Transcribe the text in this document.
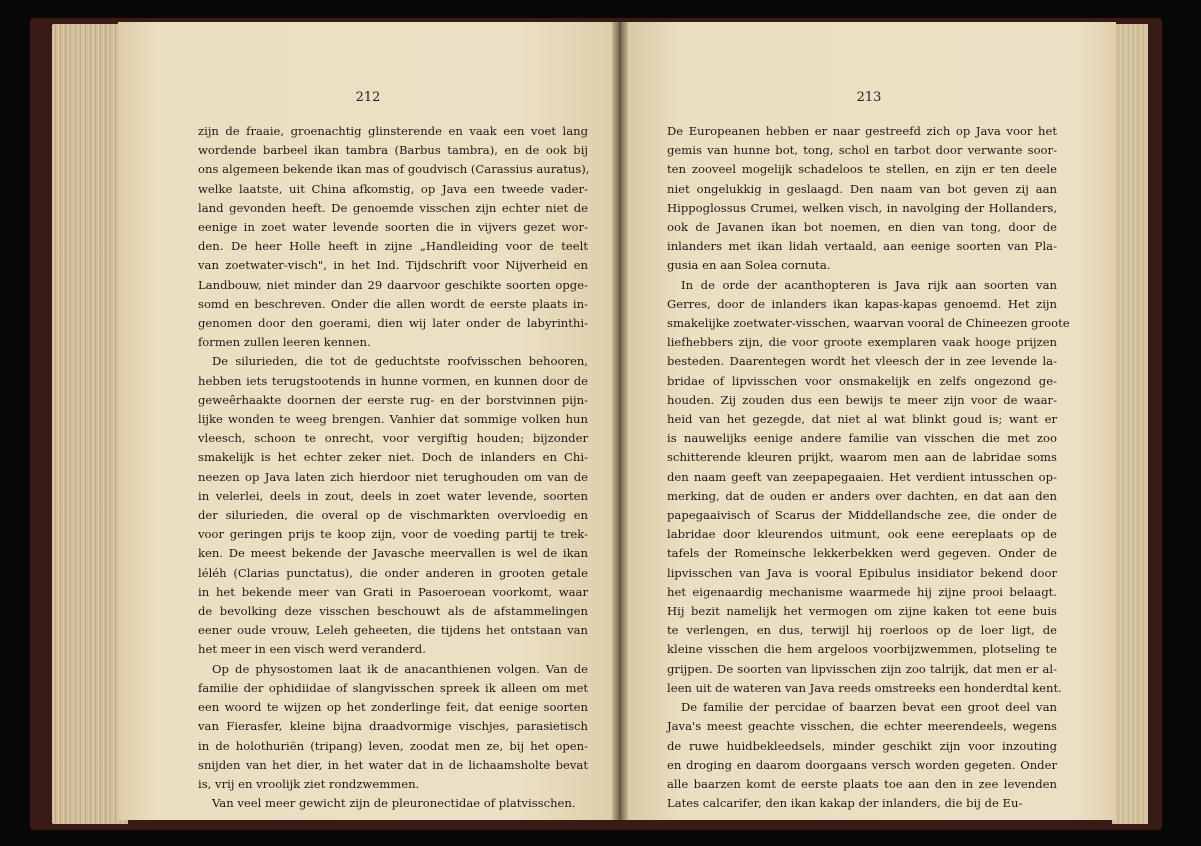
212
zijn de fraaie, groenachtig glinsterende en vaak een voet lang
wordende barbeel ikan tambra (Barbus tambra), en de ook bij
ons algemeen bekende ikan mas of goudvisch (Carassius auratus),
welke laatste, uit China afkomstig, op Java een tweede vader-
land gevonden heeft. De genoemde visschen zijn echter niet de
eenige in zoet water levende soorten die in vijvers gezet wor-
den. De heer Holle heeft in zijne „Handleiding voor de teelt
van zoetwater-visch", in het Ind. Tijdschrift voor Nijverheid en
Landbouw, niet minder dan 29 daarvoor geschikte soorten opge-
somd en beschreven. Onder die allen wordt de eerste plaats in-
genomen door den goerami, dien wij later onder de labyrinthi-
formen zullen leeren kennen.
De silurieden, die tot de geduchtste roofvisschen behooren,
hebben iets terugstootends in hunne vormen, en kunnen door de
geweêrhaakte doornen der eerste rug- en der borstvinnen pijn-
lijke wonden te weeg brengen. Vanhier dat sommige volken hun
vleesch, schoon te onrecht, voor vergiftig houden; bijzonder
smakelijk is het echter zeker niet. Doch de inlanders en Chi-
neezen op Java laten zich hierdoor niet terughouden om van de
in velerlei, deels in zout, deels in zoet water levende, soorten
der silurieden, die overal op de vischmarkten overvloedig en
voor geringen prijs te koop zijn, voor de voeding partij te trek-
ken. De meest bekende der Javasche meervallen is wel de ikan
léléh (Clarias punctatus), die onder anderen in grooten getale
in het bekende meer van Grati in Pasoeroean voorkomt, waar
de bevolking deze visschen beschouwt als de afstammelingen
eener oude vrouw, Leleh geheeten, die tijdens het ontstaan van
het meer in een visch werd veranderd.
Op de physostomen laat ik de anacanthienen volgen. Van de
familie der ophidiidae of slangvisschen spreek ik alleen om met
een woord te wijzen op het zonderlinge feit, dat eenige soorten
van Fierasfer, kleine bijna draadvormige vischjes, parasietisch
in de holothuriën (tripang) leven, zoodat men ze, bij het open-
snijden van het dier, in het water dat in de lichaamsholte bevat
is, vrij en vroolijk ziet rondzwemmen.
Van veel meer gewicht zijn de pleuronectidae of platvisschen.
213
De Europeanen hebben er naar gestreefd zich op Java voor het
gemis van hunne bot, tong, schol en tarbot door verwante soor-
ten zooveel mogelijk schadeloos te stellen, en zijn er ten deele
niet ongelukkig in geslaagd. Den naam van bot geven zij aan
Hippoglossus Crumei, welken visch, in navolging der Hollanders,
ook de Javanen ikan bot noemen, en dien van tong, door de
inlanders met ikan lidah vertaald, aan eenige soorten van Pla-
gusia en aan Solea cornuta.
In de orde der acanthopteren is Java rijk aan soorten van
Gerres, door de inlanders ikan kapas-kapas genoemd. Het zijn
smakelijke zoetwater-visschen, waarvan vooral de Chineezen groote
liefhebbers zijn, die voor groote exemplaren vaak hooge prijzen
besteden. Daarentegen wordt het vleesch der in zee levende la-
bridae of lipvisschen voor onsmakelijk en zelfs ongezond ge-
houden. Zij zouden dus een bewijs te meer zijn voor de waar-
heid van het gezegde, dat niet al wat blinkt goud is; want er
is nauwelijks eenige andere familie van visschen die met zoo
schitterende kleuren prijkt, waarom men aan de labridae soms
den naam geeft van zeepapegaaien. Het verdient intusschen op-
merking, dat de ouden er anders over dachten, en dat aan den
papegaaivisch of Scarus der Middellandsche zee, die onder de
labridae door kleurendos uitmunt, ook eene eereplaats op de
tafels der Romeinsche lekkerbekken werd gegeven. Onder de
lipvisschen van Java is vooral Epibulus insidiator bekend door
het eigenaardig mechanisme waarmede hij zijne prooi belaagt.
Hij bezit namelijk het vermogen om zijne kaken tot eene buis
te verlengen, en dus, terwijl hij roerloos op de loer ligt, de
kleine visschen die hem argeloos voorbijzwemmen, plotseling te
grijpen. De soorten van lipvisschen zijn zoo talrijk, dat men er al-
leen uit de wateren van Java reeds omstreeks een honderdtal kent.
De familie der percidae of baarzen bevat een groot deel van
Java's meest geachte visschen, die echter meerendeels, wegens
de ruwe huidbekleedsels, minder geschikt zijn voor inzouting
en droging en daarom doorgaans versch worden gegeten. Onder
alle baarzen komt de eerste plaats toe aan den in zee levenden
Lates calcarifer, den ikan kakap der inlanders, die bij de Eu-
